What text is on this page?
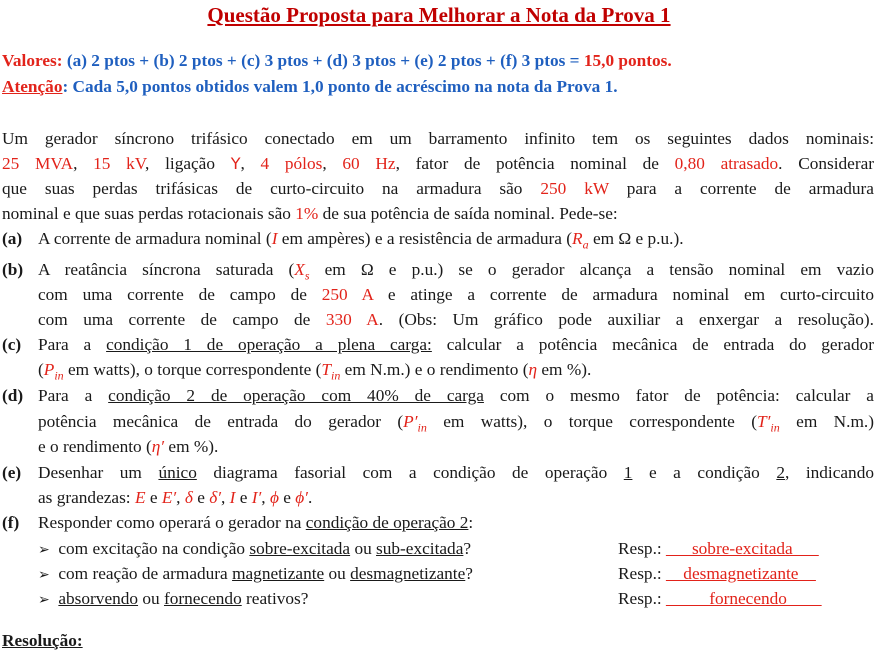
Questão Proposta para Melhorar a Nota da Prova 1
Valores: (a) 2 ptos + (b) 2 ptos + (c) 3 ptos + (d) 3 ptos + (e) 2 ptos + (f) 3 ptos = 15,0 pontos.
Atenção: Cada 5,0 pontos obtidos valem 1,0 ponto de acréscimo na nota da Prova 1.
Um gerador síncrono trifásico conectado em um barramento infinito tem os seguintes dados nominais:
25 MVA, 15 kV, ligação Y, 4 pólos, 60 Hz, fator de potência nominal de 0,80 atrasado. Considerar
que suas perdas trifásicas de curto-circuito na armadura são 250 kW para a corrente de armadura
nominal e que suas perdas rotacionais são 1% de sua potência de saída nominal. Pede-se:
(a) A corrente de armadura nominal (I em ampères) e a resistência de armadura ($R_a$ em Ω e p.u.).
(b) A reatância síncrona saturada ($X_s$ em Ω e p.u.) se o gerador alcança a tensão nominal em vazio
com uma corrente de campo de 250 A e atinge a corrente de armadura nominal em curto-circuito
com uma corrente de campo de 330 A. (Obs: Um gráfico pode auxiliar a enxergar a resolução).
(c) Para a condição 1 de operação a plena carga: calcular a potência mecânica de entrada do gerador
($P_{in}$ em watts), o torque correspondente ($T_{in}$ em N.m.) e o rendimento (η em %).
(d) Para a condição 2 de operação com 40% de carga com o mesmo fator de potência: calcular a
potência mecânica de entrada do gerador ($P'_{in}$ em watts), o torque correspondente ($T'_{in}$ em N.m.)
e o rendimento (η′ em %).
(e) Desenhar um único diagrama fasorial com a condição de operação 1 e a condição 2, indicando
as grandezas: E e E′, δ e δ′, I e I′, ϕ e ϕ′.
(f) Responder como operará o gerador na condição de operação 2:
➢ com excitação na condição sobre-excitada ou sub-excitada?	Resp.: ___sobre-excitada___
➢ com reação de armadura magnetizante ou desmagnetizante?	Resp.: __desmagnetizante__
➢ absorvendo ou fornecendo reativos?	Resp.: _____fornecendo____
Resolução:
